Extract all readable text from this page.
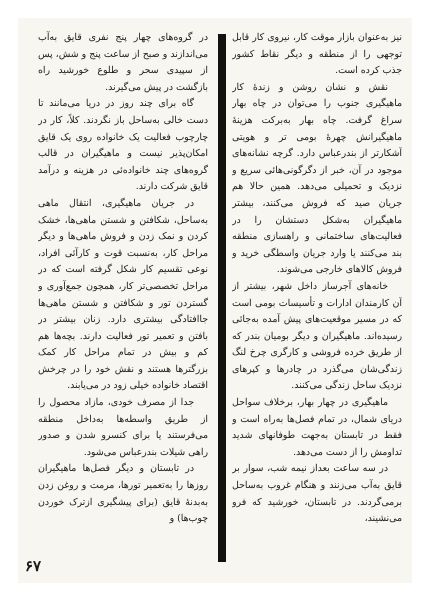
نیز به‌عنوان بازار موقت کار، نیروی کار قابل توجهی را از منطقه و دیگر نقاط کشور جذب کرده است.

نقش و نشان روشن و زندهٔ کار ماهیگیری جنوب را می‌توان در چاه بهار سراغ گرفت. چاه بهار به‌برکت هزینهٔ ماهیگیرانش چهرهٔ بومی تر و هویتی آشکارتر از بندرعباس دارد. گرچه نشانه‌های موجود در آن، خبر از دگرگونی‌هائی سریع و نزدیک و تحمیلی می‌دهد. همین حالا هم جریان صید که فروش می‌کنند، بیشتر ماهیگیران به‌شکل دستشان را در فعالیت‌های ساختمانی و راهسازی منطقه بند می‌کنند یا وارد جریان واسطگی خرید و فروش کالاهای خارجی می‌شوند.

خانه‌های آجرساز داخل شهر، بیشتر از آن کارمندان ادارات و تأسیسات بومی است که در مسیر موقعیت‌های پیش آمده به‌جائی رسیده‌اند. ماهیگیران و دیگر بومیان بندر که از طریق خرده فروشی و کارگری چرخ لنگ زندگی‌شان می‌گذرد در چادرها و کپرهای نزدیک ساحل زندگی می‌کنند.

ماهیگیری در چهار بهار، برخلاف سواحل دریای شمال، در تمام فصل‌ها به‌راه است و فقط در تابستان به‌جهت طوفانهای شدید تداومش را از دست می‌دهد.

در سه ساعت بعداز نیمه شب، سوار بر قایق به‌آب می‌زنند و هنگام غروب به‌ساحل برمی‌گردند. در تابستان، خورشید که فرو می‌نشیند،

در گروه‌های چهار پنج نفری قایق به‌آب می‌اندازند و صبح از ساعت پنج و شش، پس از سپیدی سحر و طلوع خورشید راه بازگشت در پیش می‌گیرند.

گاه برای چند روز در دریا می‌مانند تا دست خالی به‌ساحل باز نگردند. کلاً، کار در چارچوب فعالیت یک خانواده روی یک قایق امکان‌پذیر نیست و ماهیگیران در قالب گروه‌های چند خانواده‌ئی در هزینه و درآمد قایق شرکت دارند.

در جریان ماهیگیری، انتقال ماهی به‌ساحل، شکافتن و شستن ماهی‌ها، خشک کردن و نمک زدن و فروش ماهی‌ها و دیگر مراحل کار، به‌نسبت قوت و کارآئی افراد، نوعی تقسیم کار شکل گرفته است که در مراحل تخصصی‌تر کار، همچون جمع‌آوری و گستردن تور و شکافتن و شستن ماهی‌ها جاافتادگی بیشتری دارد. زنان بیشتر در بافتن و تعمیر تور فعالیت دارند. بچه‌ها هم کم و بیش در تمام مراحل کار کمک بزرگترها هستند و نقش خود را در چرخش اقتصاد خانواده خیلی زود در می‌یابند.

جدا از مصرف خودی، مازاد محصول را از طریق واسطه‌ها به‌داخل منطقه می‌فرستند یا برای کنسرو شدن و صدور راهی شیلات بندرعباس می‌شود.

در تابستان و دیگر فصل‌ها ماهیگیران روزها را به‌تعمیر تورها، مرمت و روغن زدن به‌بدنهٔ قایق (برای پیشگیری ازترک خوردن چوب‌ها) و

۶۷
